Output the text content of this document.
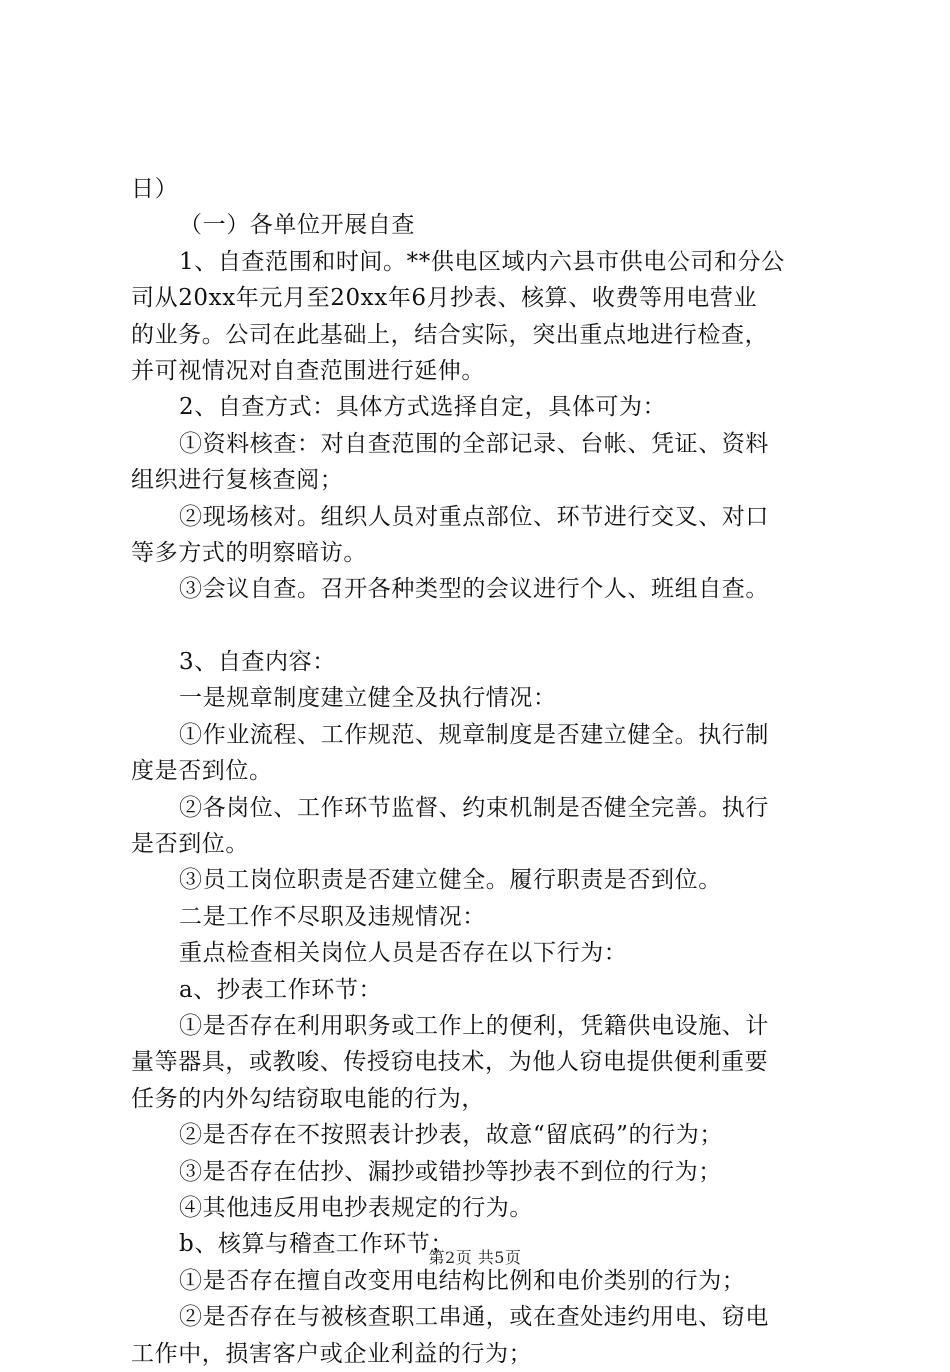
日）
（一）各单位开展自查
1、自查范围和时间。**供电区域内六县市供电公司和分公
司从20xx年元月至20xx年6月抄表、核算、收费等用电营业
的业务。公司在此基础上，结合实际，突出重点地进行检查，
并可视情况对自查范围进行延伸。
2、自查方式：具体方式选择自定，具体可为：
①资料核查：对自查范围的全部记录、台帐、凭证、资料
组织进行复核查阅；
②现场核对。组织人员对重点部位、环节进行交叉、对口
等多方式的明察暗访。
③会议自查。召开各种类型的会议进行个人、班组自查。
3、自查内容：
一是规章制度建立健全及执行情况：
①作业流程、工作规范、规章制度是否建立健全。执行制
度是否到位。
②各岗位、工作环节监督、约束机制是否健全完善。执行
是否到位。
③员工岗位职责是否建立健全。履行职责是否到位。
二是工作不尽职及违规情况：
重点检查相关岗位人员是否存在以下行为：
a、抄表工作环节：
①是否存在利用职务或工作上的便利，凭籍供电设施、计
量等器具，或教唆、传授窃电技术，为他人窃电提供便利重要
任务的内外勾结窃取电能的行为，
②是否存在不按照表计抄表，故意“留底码”的行为；
③是否存在估抄、漏抄或错抄等抄表不到位的行为；
④其他违反用电抄表规定的行为。
b、核算与稽查工作环节；
①是否存在擅自改变用电结构比例和电价类别的行为；
②是否存在与被核查职工串通，或在查处违约用电、窃电
工作中，损害客户或企业利益的行为；
第2页 共5页
